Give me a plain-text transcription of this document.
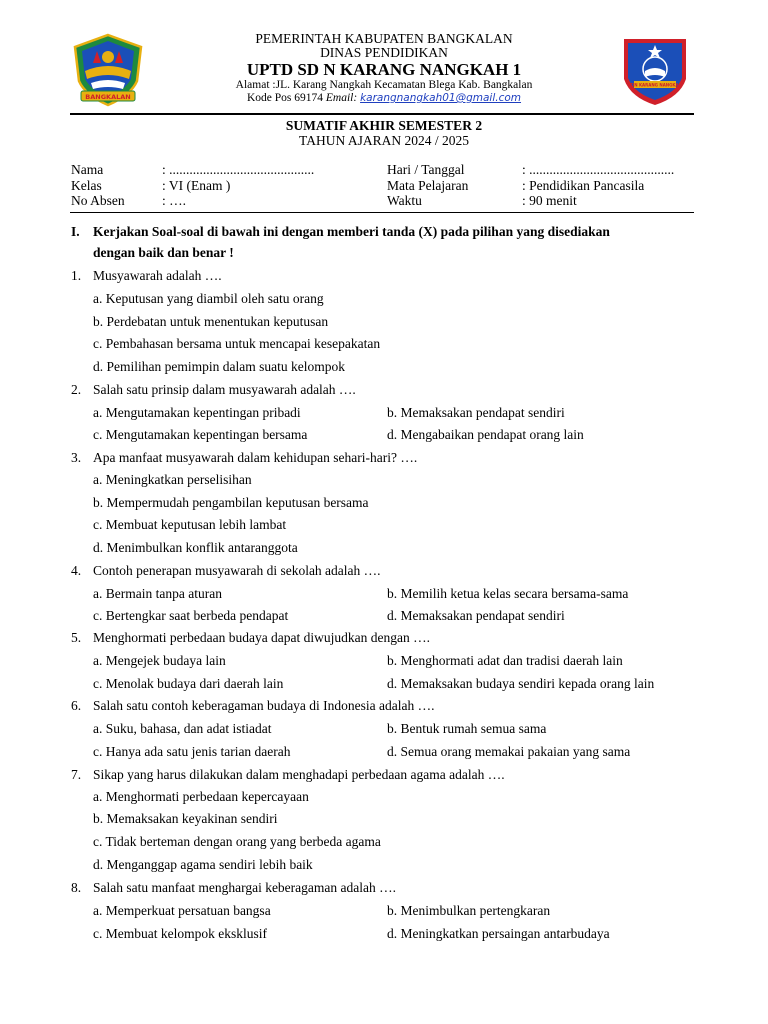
BANGKALAN
SDN KARANG NANGKAH
PEMERINTAH KABUPATEN BANGKALAN
DINAS PENDIDIKAN
UPTD SD N KARANG NANGKAH 1
Alamat :JL. Karang Nangkah Kecamatan Blega Kab. Bangkalan
Kode Pos 69174 Email: karangnangkah01@gmail.com
SUMATIF AKHIR SEMESTER 2
TAHUN AJARAN 2024 / 2025
Nama	: ...........................................
Kelas	: VI (Enam )
No Absen	: ….
Hari / Tanggal	: ...........................................
Mata Pelajaran	: Pendidikan Pancasila
Waktu	: 90 menit
I. Kerjakan Soal-soal di bawah ini dengan memberi tanda (X) pada pilihan yang disediakan
dengan baik dan benar !
1. Musyawarah adalah ….
a. Keputusan yang diambil oleh satu orang
b. Perdebatan untuk menentukan keputusan
c. Pembahasan bersama untuk mencapai kesepakatan
d. Pemilihan pemimpin dalam suatu kelompok
2. Salah satu prinsip dalam musyawarah adalah ….
a. Mengutamakan kepentingan pribadi	b. Memaksakan pendapat sendiri
c. Mengutamakan kepentingan bersama	d. Mengabaikan pendapat orang lain
3. Apa manfaat musyawarah dalam kehidupan sehari-hari? ….
a. Meningkatkan perselisihan
b. Mempermudah pengambilan keputusan bersama
c. Membuat keputusan lebih lambat
d. Menimbulkan konflik antaranggota
4. Contoh penerapan musyawarah di sekolah adalah ….
a. Bermain tanpa aturan	b. Memilih ketua kelas secara bersama-sama
c. Bertengkar saat berbeda pendapat	d. Memaksakan pendapat sendiri
5. Menghormati perbedaan budaya dapat diwujudkan dengan ….
a. Mengejek budaya lain	b. Menghormati adat dan tradisi daerah lain
c. Menolak budaya dari daerah lain	d. Memaksakan budaya sendiri kepada orang lain
6. Salah satu contoh keberagaman budaya di Indonesia adalah ….
a. Suku, bahasa, dan adat istiadat	b. Bentuk rumah semua sama
c. Hanya ada satu jenis tarian daerah	d. Semua orang memakai pakaian yang sama
7. Sikap yang harus dilakukan dalam menghadapi perbedaan agama adalah ….
a. Menghormati perbedaan kepercayaan
b. Memaksakan keyakinan sendiri
c. Tidak berteman dengan orang yang berbeda agama
d. Menganggap agama sendiri lebih baik
8. Salah satu manfaat menghargai keberagaman adalah ….
a. Memperkuat persatuan bangsa	b. Menimbulkan pertengkaran
c. Membuat kelompok eksklusif	d. Meningkatkan persaingan antarbudaya
